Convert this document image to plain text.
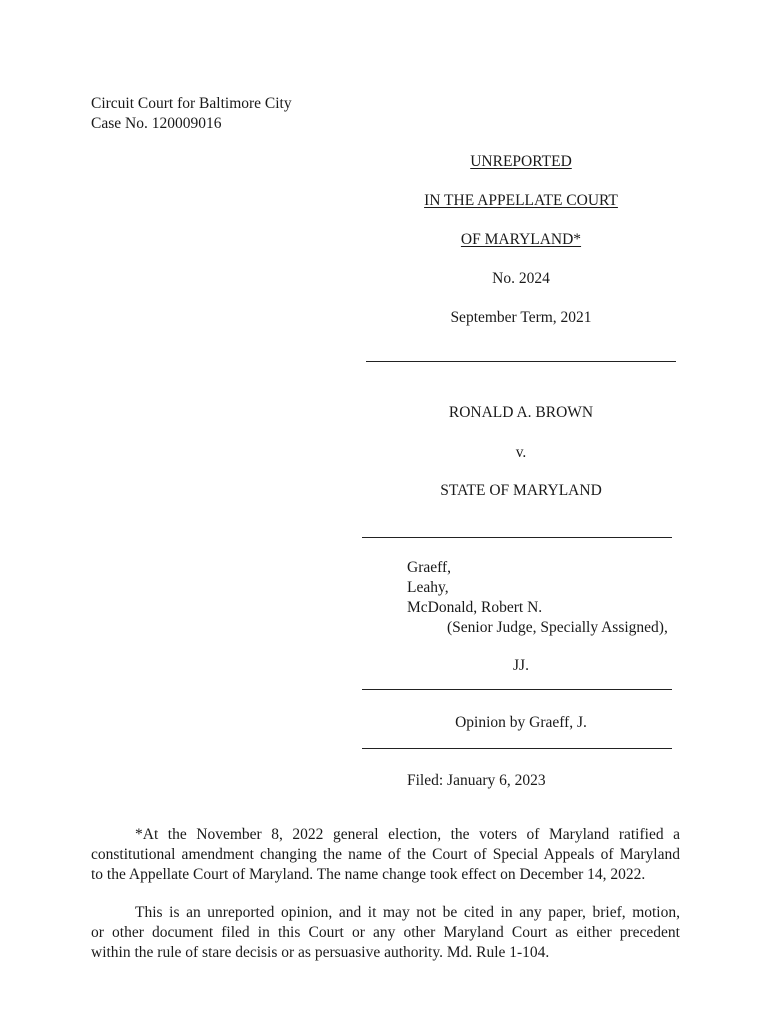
Circuit Court for Baltimore City
Case No. 120009016
UNREPORTED
IN THE APPELLATE COURT
OF MARYLAND*
No. 2024
September Term, 2021
RONALD A. BROWN
v.
STATE OF MARYLAND
Graeff,
Leahy,
McDonald, Robert N.
(Senior Judge, Specially Assigned),
JJ.
Opinion by Graeff, J.
Filed: January 6, 2023
*At the November 8, 2022 general election, the voters of Maryland ratified a
constitutional amendment changing the name of the Court of Special Appeals of Maryland
to the Appellate Court of Maryland. The name change took effect on December 14, 2022.
This is an unreported opinion, and it may not be cited in any paper, brief, motion,
or other document filed in this Court or any other Maryland Court as either precedent
within the rule of stare decisis or as persuasive authority. Md. Rule 1-104.
